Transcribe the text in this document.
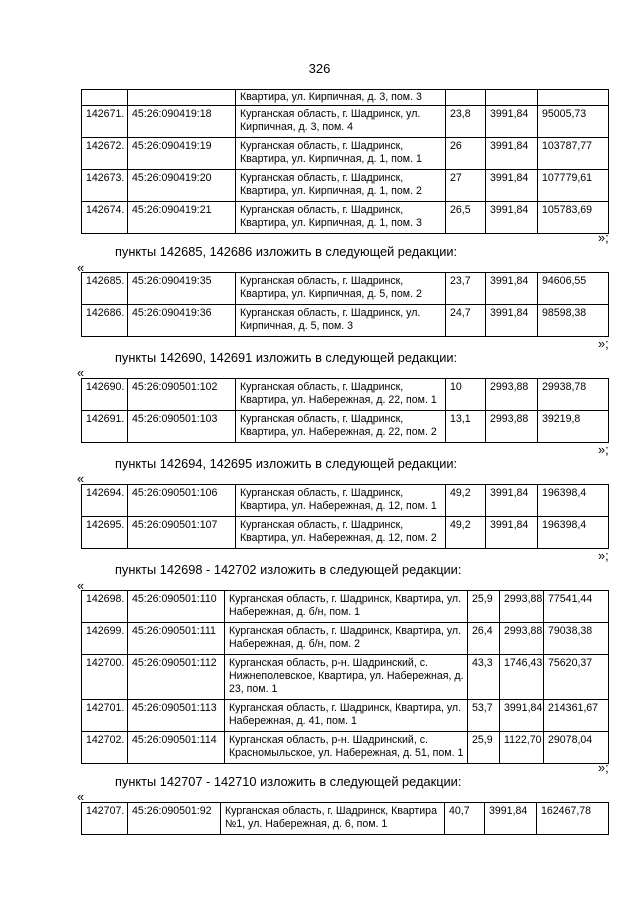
326
		Квартира, ул. Кирпичная, д. 3, пом. 3			
142671.	45:26:090419:18	Курганская область, г. Шадринск, ул.
Кирпичная, д. 3, пом. 4	23,8	3991,84	95005,73
142672.	45:26:090419:19	Курганская область, г. Шадринск,
Квартира, ул. Кирпичная, д. 1, пом. 1	26	3991,84	103787,77
142673.	45:26:090419:20	Курганская область, г. Шадринск,
Квартира, ул. Кирпичная, д. 1, пом. 2	27	3991,84	107779,61
142674.	45:26:090419:21	Курганская область, г. Шадринск,
Квартира, ул. Кирпичная, д. 1, пом. 3	26,5	3991,84	105783,69
»;
пункты 142685, 142686 изложить в следующей редакции:
«
142685.	45:26:090419:35	Курганская область, г. Шадринск,
Квартира, ул. Кирпичная, д. 5, пом. 2	23,7	3991,84	94606,55
142686.	45:26:090419:36	Курганская область, г. Шадринск, ул.
Кирпичная, д. 5, пом. 3	24,7	3991,84	98598,38
»;
пункты 142690, 142691 изложить в следующей редакции:
«
142690.	45:26:090501:102	Курганская область, г. Шадринск,
Квартира, ул. Набережная, д. 22, пом. 1	10	2993,88	29938,78
142691.	45:26:090501:103	Курганская область, г. Шадринск,
Квартира, ул. Набережная, д. 22, пом. 2	13,1	2993,88	39219,8
»;
пункты 142694, 142695 изложить в следующей редакции:
«
142694.	45:26:090501:106	Курганская область, г. Шадринск,
Квартира, ул. Набережная, д. 12, пом. 1	49,2	3991,84	196398,4
142695.	45:26:090501:107	Курганская область, г. Шадринск,
Квартира, ул. Набережная, д. 12, пом. 2	49,2	3991,84	196398,4
»;
пункты 142698 - 142702 изложить в следующей редакции:
«
142698.	45:26:090501:110	Курганская область, г. Шадринск, Квартира, ул.
Набережная, д. б/н, пом. 1	25,9	2993,88	77541,44
142699.	45:26:090501:111	Курганская область, г. Шадринск, Квартира, ул.
Набережная, д. б/н, пом. 2	26,4	2993,88	79038,38
142700.	45:26:090501:112	Курганская область, р-н. Шадринский, с.
Нижнеполевское, Квартира, ул. Набережная, д.
23, пом. 1	43,3	1746,43	75620,37
142701.	45:26:090501:113	Курганская область, г. Шадринск, Квартира, ул.
Набережная, д. 41, пом. 1	53,7	3991,84	214361,67
142702.	45:26:090501:114	Курганская область, р-н. Шадринский, с.
Красномыльское, ул. Набережная, д. 51, пом. 1	25,9	1122,70	29078,04
»;
пункты 142707 - 142710 изложить в следующей редакции:
«
142707.	45:26:090501:92	Курганская область, г. Шадринск, Квартира
№1, ул. Набережная, д. 6, пом. 1	40,7	3991,84	162467,78
